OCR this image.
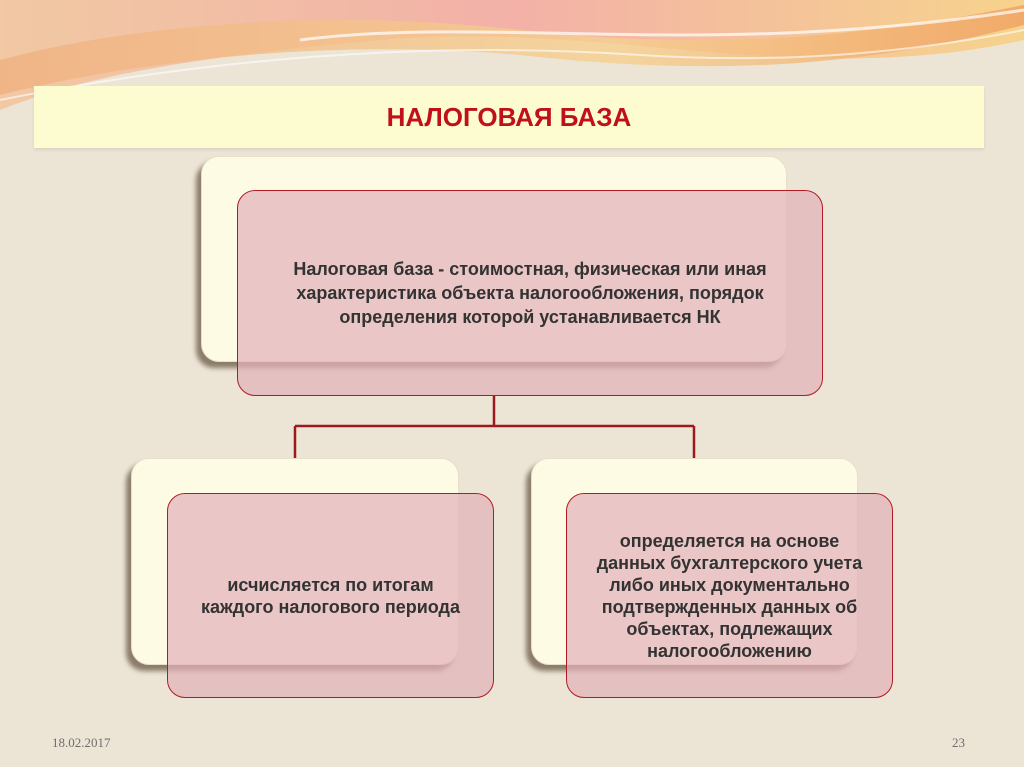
НАЛОГОВАЯ БАЗА
Налоговая база - стоимостная, физическая или иная характеристика объекта налогообложения, порядок определения которой устанавливается НК
исчисляется по итогам каждого налогового периода
определяется на основе данных бухгалтерского учета либо иных документально подтвержденных данных об объектах, подлежащих налогообложению
18.02.2017	23
